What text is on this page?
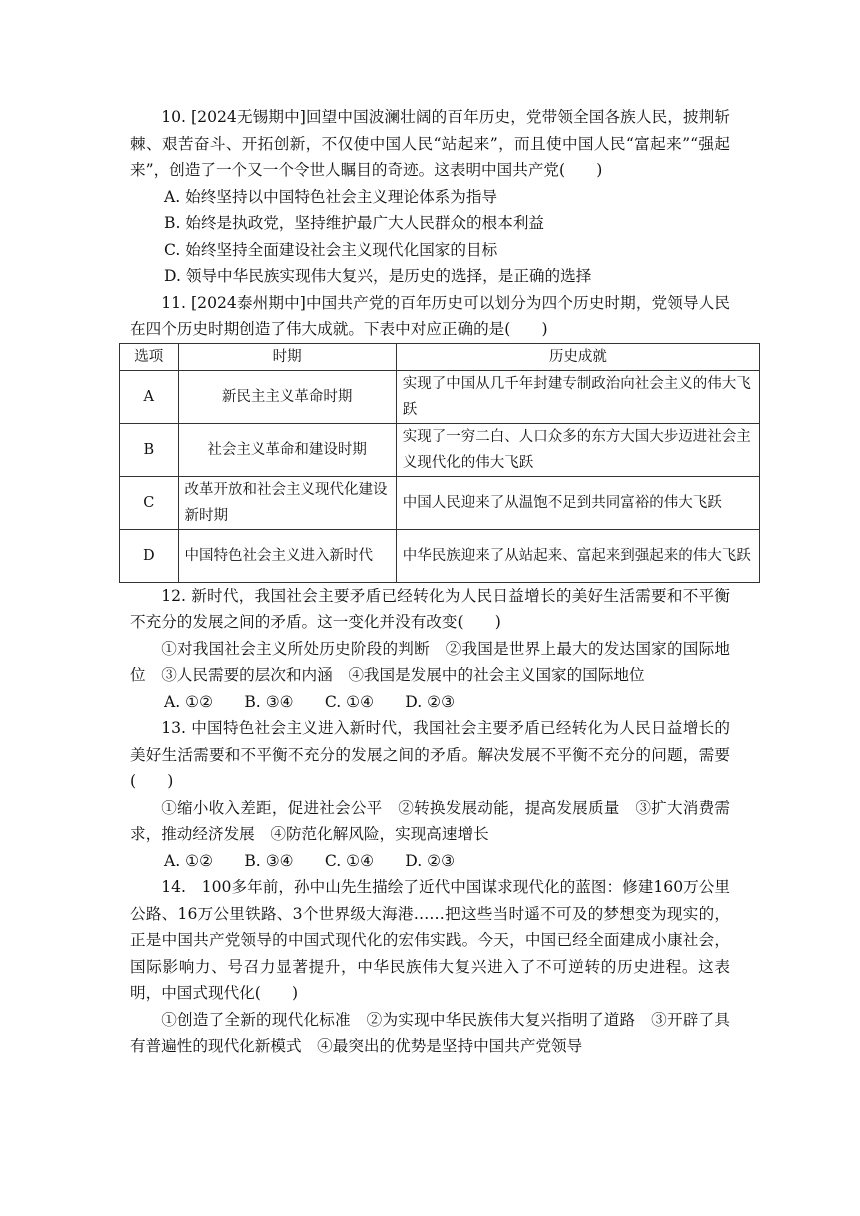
10. [2024无锡期中]回望中国波澜壮阔的百年历史，党带领全国各族人民，披荆斩棘、艰苦奋斗、开拓创新，不仅使中国人民“站起来”，而且使中国人民“富起来”“强起来”，创造了一个又一个令世人瞩目的奇迹。这表明中国共产党(　　)

A. 始终坚持以中国特色社会主义理论体系为指导

B. 始终是执政党，坚持维护最广大人民群众的根本利益

C. 始终坚持全面建设社会主义现代化国家的目标

D. 领导中华民族实现伟大复兴，是历史的选择，是正确的选择

11. [2024泰州期中]中国共产党的百年历史可以划分为四个历史时期，党领导人民在四个历史时期创造了伟大成就。下表中对应正确的是(　　)

选项	时期	历史成就
A	新民主主义革命时期	实现了中国从几千年封建专制政治向社会主义的伟大飞跃
B	社会主义革命和建设时期	实现了一穷二白、人口众多的东方大国大步迈进社会主义现代化的伟大飞跃
C	改革开放和社会主义现代化建设新时期	中国人民迎来了从温饱不足到共同富裕的伟大飞跃
D	中国特色社会主义进入新时代	中华民族迎来了从站起来、富起来到强起来的伟大飞跃

12. 新时代，我国社会主要矛盾已经转化为人民日益增长的美好生活需要和不平衡不充分的发展之间的矛盾。这一变化并没有改变(　　)

①对我国社会主义所处历史阶段的判断　②我国是世界上最大的发达国家的国际地位　③人民需要的层次和内涵　④我国是发展中的社会主义国家的国际地位

A. ①②　　B. ③④　　C. ①④　　D. ②③

13. 中国特色社会主义进入新时代，我国社会主要矛盾已经转化为人民日益增长的美好生活需要和不平衡不充分的发展之间的矛盾。解决发展不平衡不充分的问题，需要(　　)

①缩小收入差距，促进社会公平　②转换发展动能，提高发展质量　③扩大消费需求，推动经济发展　④防范化解风险，实现高速增长

A. ①②　　B. ③④　　C. ①④　　D. ②③

14.　100多年前，孙中山先生描绘了近代中国谋求现代化的蓝图：修建160万公里公路、16万公里铁路、3个世界级大海港……把这些当时遥不可及的梦想变为现实的，正是中国共产党领导的中国式现代化的宏伟实践。今天，中国已经全面建成小康社会，国际影响力、号召力显著提升，中华民族伟大复兴进入了不可逆转的历史进程。这表明，中国式现代化(　　)

①创造了全新的现代化标准　②为实现中华民族伟大复兴指明了道路　③开辟了具有普遍性的现代化新模式　④最突出的优势是坚持中国共产党领导
